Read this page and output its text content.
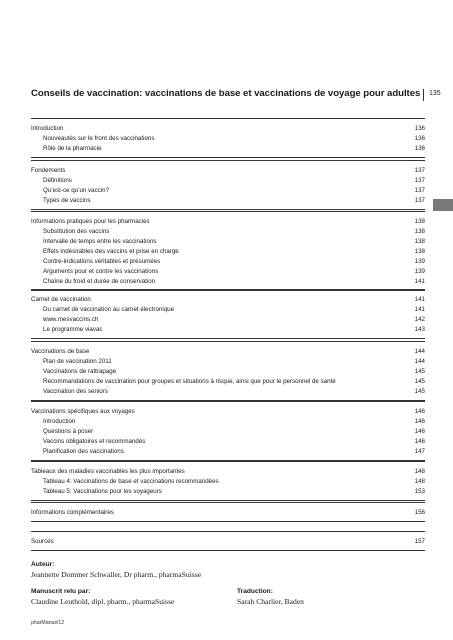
Conseils de vaccination: vaccinations de base et vaccinations de voyage pour adultes 135
Introduction	136
Nouveautés sur le front des vaccinations	136
Rôle de la pharmacie	136
Fondements	137
Définitions	137
Qu’est-ce qu’un vaccin?	137
Types de vaccins	137
Informations pratiques pour les pharmacies	138
Substitution des vaccins	138
Intervalle de temps entre les vaccinations	138
Effets indésirables des vaccins et prise en charge	138
Contre-indications véritables et présumées	139
Arguments pour et contre les vaccinations	139
Chaîne du froid et durée de conservation	141
Carnet de vaccination	141
Du carnet de vaccination au carnet électronique	141
www.mesvaccins.ch	142
Le programme viavac	143
Vaccinations de base	144
Plan de vaccination 2011	144
Vaccinations de rattrapage	145
Recommandations de vaccination pour groupes et situations à risque, ainsi que pour le personnel de santé	145
Vaccination des seniors	145
Vaccinations spécifiques aux voyages	146
Introduction	146
Questions à poser	146
Vaccins obligatoires et recommandés	146
Planification des vaccinations	147
Tableaux des maladies vaccinables les plus importantes	148
Tableau 4: Vaccinations de base et vaccinations recommandées	148
Tableau 5: Vaccinations pour les voyageurs	153
Informations complémentaires	156
Sources	157
Auteur:
Jeannette Dommer Schwaller, Dr pharm., pharmaSuisse
Manuscrit relu par:
Claudine Leuthold, dipl. pharm., pharmaSuisse
Traduction:
Sarah Charlier, Baden
pharManuel12
